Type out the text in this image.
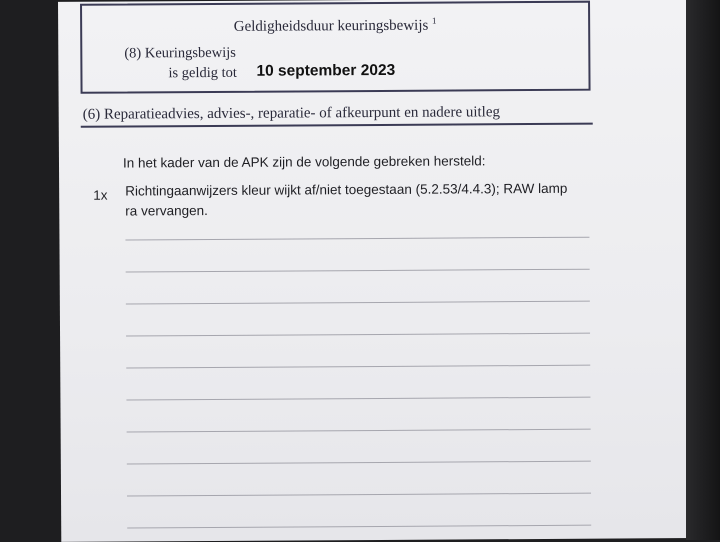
Geldigheidsduur keuringsbewijs $^1$
(8) Keuringsbewijs
is geldig tot 10 september 2023
(6) Reparatieadvies, advies-, reparatie- of afkeurpunt en nadere uitleg
In het kader van de APK zijn de volgende gebreken hersteld:
1x Richtingaanwijzers kleur wijkt af/niet toegestaan (5.2.53/4.4.3); RAW lamp
ra vervangen.
